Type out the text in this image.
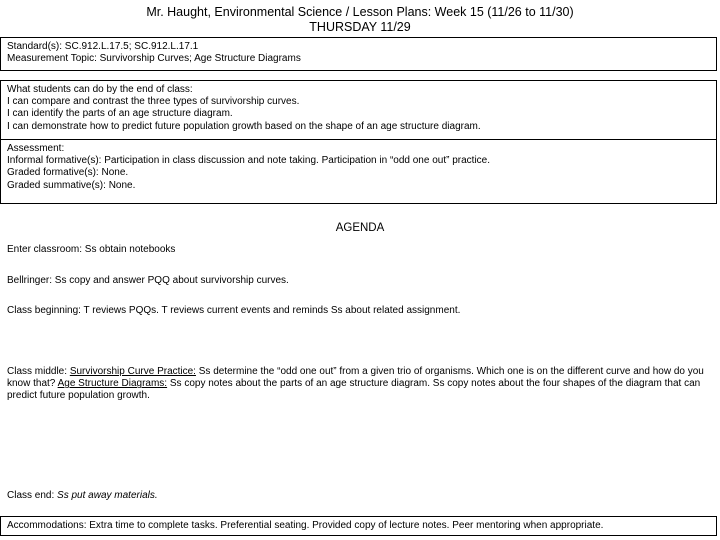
Mr. Haught, Environmental Science / Lesson Plans: Week 15 (11/26 to 11/30)
THURSDAY 11/29

Standard(s): SC.912.L.17.5; SC.912.L.17.1

Measurement Topic: Survivorship Curves; Age Structure Diagrams

What students can do by the end of class:

I can compare and contrast the three types of survivorship curves.

I can identify the parts of an age structure diagram.

I can demonstrate how to predict future population growth based on the shape of an age structure diagram.

Assessment:

Informal formative(s): Participation in class discussion and note taking. Participation in “odd one out” practice.

Graded formative(s): None.

Graded summative(s): None.

AGENDA
Enter classroom: Ss obtain notebooks
Bellringer: Ss copy and answer PQQ about survivorship curves.
Class beginning: T reviews PQQs. T reviews current events and reminds Ss about related assignment.
Class middle: Survivorship Curve Practice: Ss determine the “odd one out” from a given trio of organisms. Which one is on the different curve and how do you know that? Age Structure Diagrams: Ss copy notes about the parts of an age structure diagram. Ss copy notes about the four shapes of the diagram that can predict future population growth.
Class end: Ss put away materials.
Accommodations: Extra time to complete tasks. Preferential seating. Provided copy of lecture notes. Peer mentoring when appropriate.
